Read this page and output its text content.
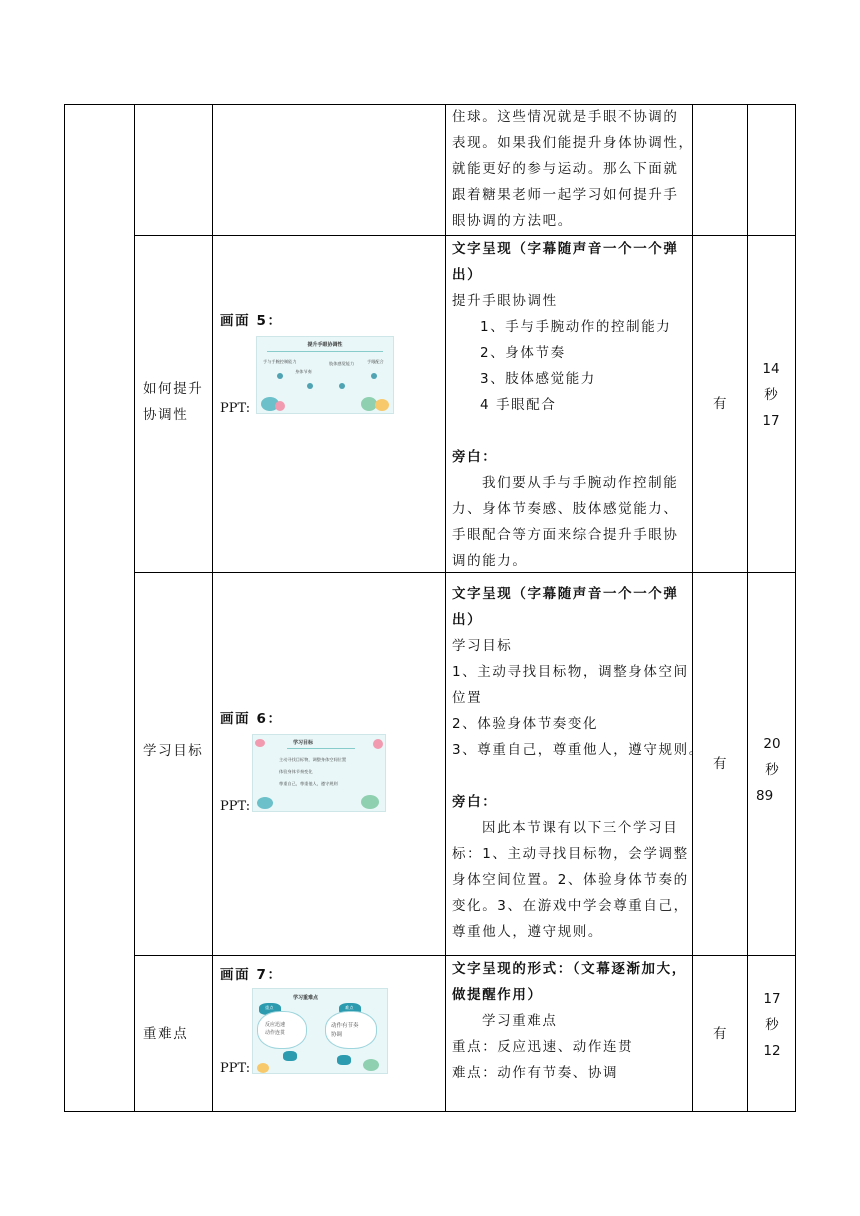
住球。这些情况就是手眼不协调的
表现。如果我们能提升身体协调性，
就能更好的参与运动。那么下面就
跟着糖果老师一起学习如何提升手
眼协调的方法吧。
如何提升
协调性
画面 5：
PPT:
提升手眼协调性
手与手腕控制能力
身体节奏
肢体感觉能力	手眼配合
文字呈现（字幕随声音一个一个弹
出）
提升手眼协调性
1、手与手腕动作的控制能力
2、身体节奏
3、肢体感觉能力
4 手眼配合

旁白：
我们要从手与手腕动作控制能
力、身体节奏感、肢体感觉能力、
手眼配合等方面来综合提升手眼协
调的能力。
有
14
秒
17
学习目标
画面 6：
PPT:
学习目标
主动寻找目标物，调整身体空间位置
体验身体节奏变化
尊重自己，尊重他人，遵守规则
文字呈现（字幕随声音一个一个弹
出）
学习目标
1、主动寻找目标物，调整身体空间
位置
2、体验身体节奏变化
3、尊重自己，尊重他人，遵守规则。

旁白：
因此本节课有以下三个学习目
标：1、主动寻找目标物，会学调整
身体空间位置。2、体验身体节奏的
变化。3、在游戏中学会尊重自己，
尊重他人，遵守规则。
有
20
秒
89
重难点
画面 7：
PPT:
学习重难点
重点	难点
反应迅速
动作连贯
动作有节奏
协调
文字呈现的形式：（文幕逐渐加大，
做提醒作用）
学习重难点
重点：反应迅速、动作连贯
难点：动作有节奏、协调
有
17
秒
12
